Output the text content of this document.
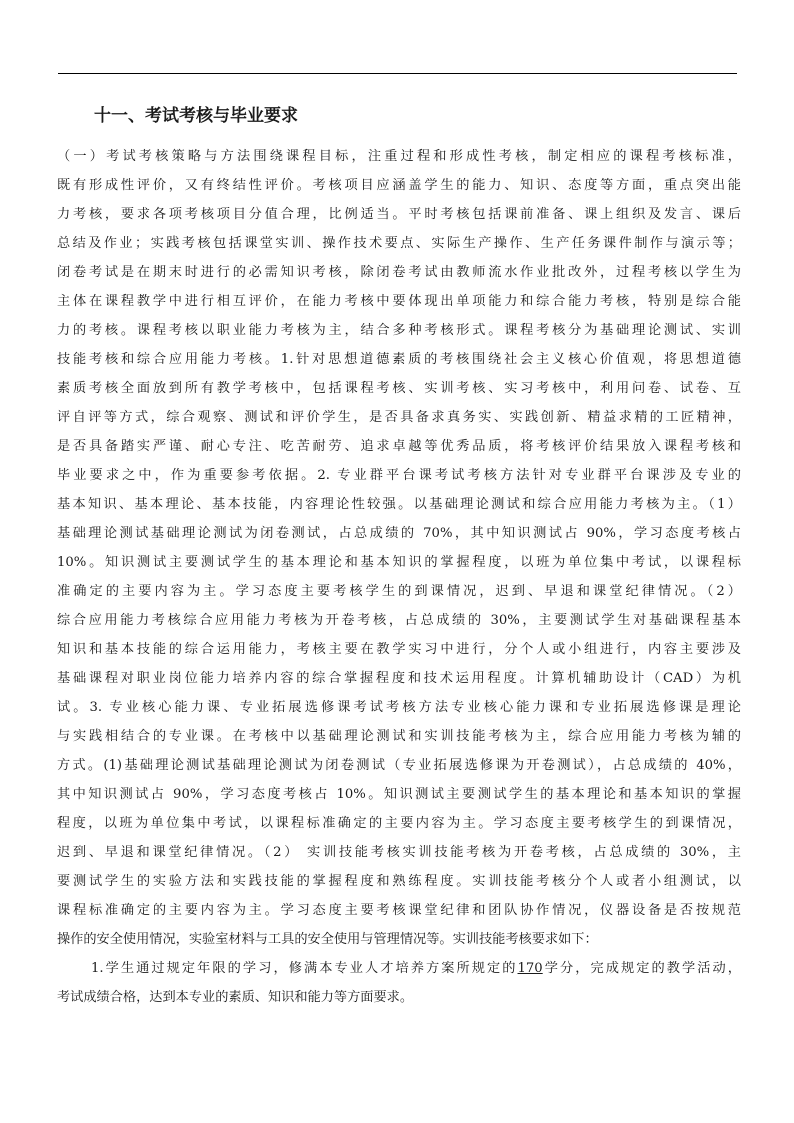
十一、考试考核与毕业要求
（一）考试考核策略与方法围绕课程目标，注重过程和形成性考核，制定相应的课程考核标准，
既有形成性评价，又有终结性评价。考核项目应涵盖学生的能力、知识、态度等方面，重点突出能
力考核，要求各项考核项目分值合理，比例适当。平时考核包括课前准备、课上组织及发言、课后
总结及作业；实践考核包括课堂实训、操作技术要点、实际生产操作、生产任务课件制作与演示等；
闭卷考试是在期末时进行的必需知识考核，除闭卷考试由教师流水作业批改外，过程考核以学生为
主体在课程教学中进行相互评价，在能力考核中要体现出单项能力和综合能力考核，特别是综合能
力的考核。课程考核以职业能力考核为主，结合多种考核形式。课程考核分为基础理论测试、实训
技能考核和综合应用能力考核。1.针对思想道德素质的考核围绕社会主义核心价值观，将思想道德
素质考核全面放到所有教学考核中，包括课程考核、实训考核、实习考核中，利用问卷、试卷、互
评自评等方式，综合观察、测试和评价学生，是否具备求真务实、实践创新、精益求精的工匠精神，
是否具备踏实严谨、耐心专注、吃苦耐劳、追求卓越等优秀品质，将考核评价结果放入课程考核和
毕业要求之中，作为重要参考依据。2. 专业群平台课考试考核方法针对专业群平台课涉及专业的
基本知识、基本理论、基本技能，内容理论性较强。以基础理论测试和综合应用能力考核为主。（1）
基础理论测试基础理论测试为闭卷测试，占总成绩的 70%，其中知识测试占 90%，学习态度考核占
10%。知识测试主要测试学生的基本理论和基本知识的掌握程度，以班为单位集中考试，以课程标
准确定的主要内容为主。学习态度主要考核学生的到课情况，迟到、早退和课堂纪律情况。（2）
综合应用能力考核综合应用能力考核为开卷考核，占总成绩的 30%，主要测试学生对基础课程基本
知识和基本技能的综合运用能力，考核主要在教学实习中进行，分个人或小组进行，内容主要涉及
基础课程对职业岗位能力培养内容的综合掌握程度和技术运用程度。计算机辅助设计（CAD）为机
试。3. 专业核心能力课、专业拓展选修课考试考核方法专业核心能力课和专业拓展选修课是理论
与实践相结合的专业课。在考核中以基础理论测试和实训技能考核为主，综合应用能力考核为辅的
方式。(1)基础理论测试基础理论测试为闭卷测试（专业拓展选修课为开卷测试），占总成绩的 40%，
其中知识测试占 90%，学习态度考核占 10%。知识测试主要测试学生的基本理论和基本知识的掌握
程度，以班为单位集中考试，以课程标准确定的主要内容为主。学习态度主要考核学生的到课情况，
迟到、早退和课堂纪律情况。（2） 实训技能考核实训技能考核为开卷考核，占总成绩的 30%，主
要测试学生的实验方法和实践技能的掌握程度和熟练程度。实训技能考核分个人或者小组测试，以
课程标准确定的主要内容为主。学习态度主要考核课堂纪律和团队协作情况，仪器设备是否按规范
操作的安全使用情况，实验室材料与工具的安全使用与管理情况等。实训技能考核要求如下：
1.学生通过规定年限的学习，修满本专业人才培养方案所规定的170学分，完成规定的教学活动，
考试成绩合格，达到本专业的素质、知识和能力等方面要求。
